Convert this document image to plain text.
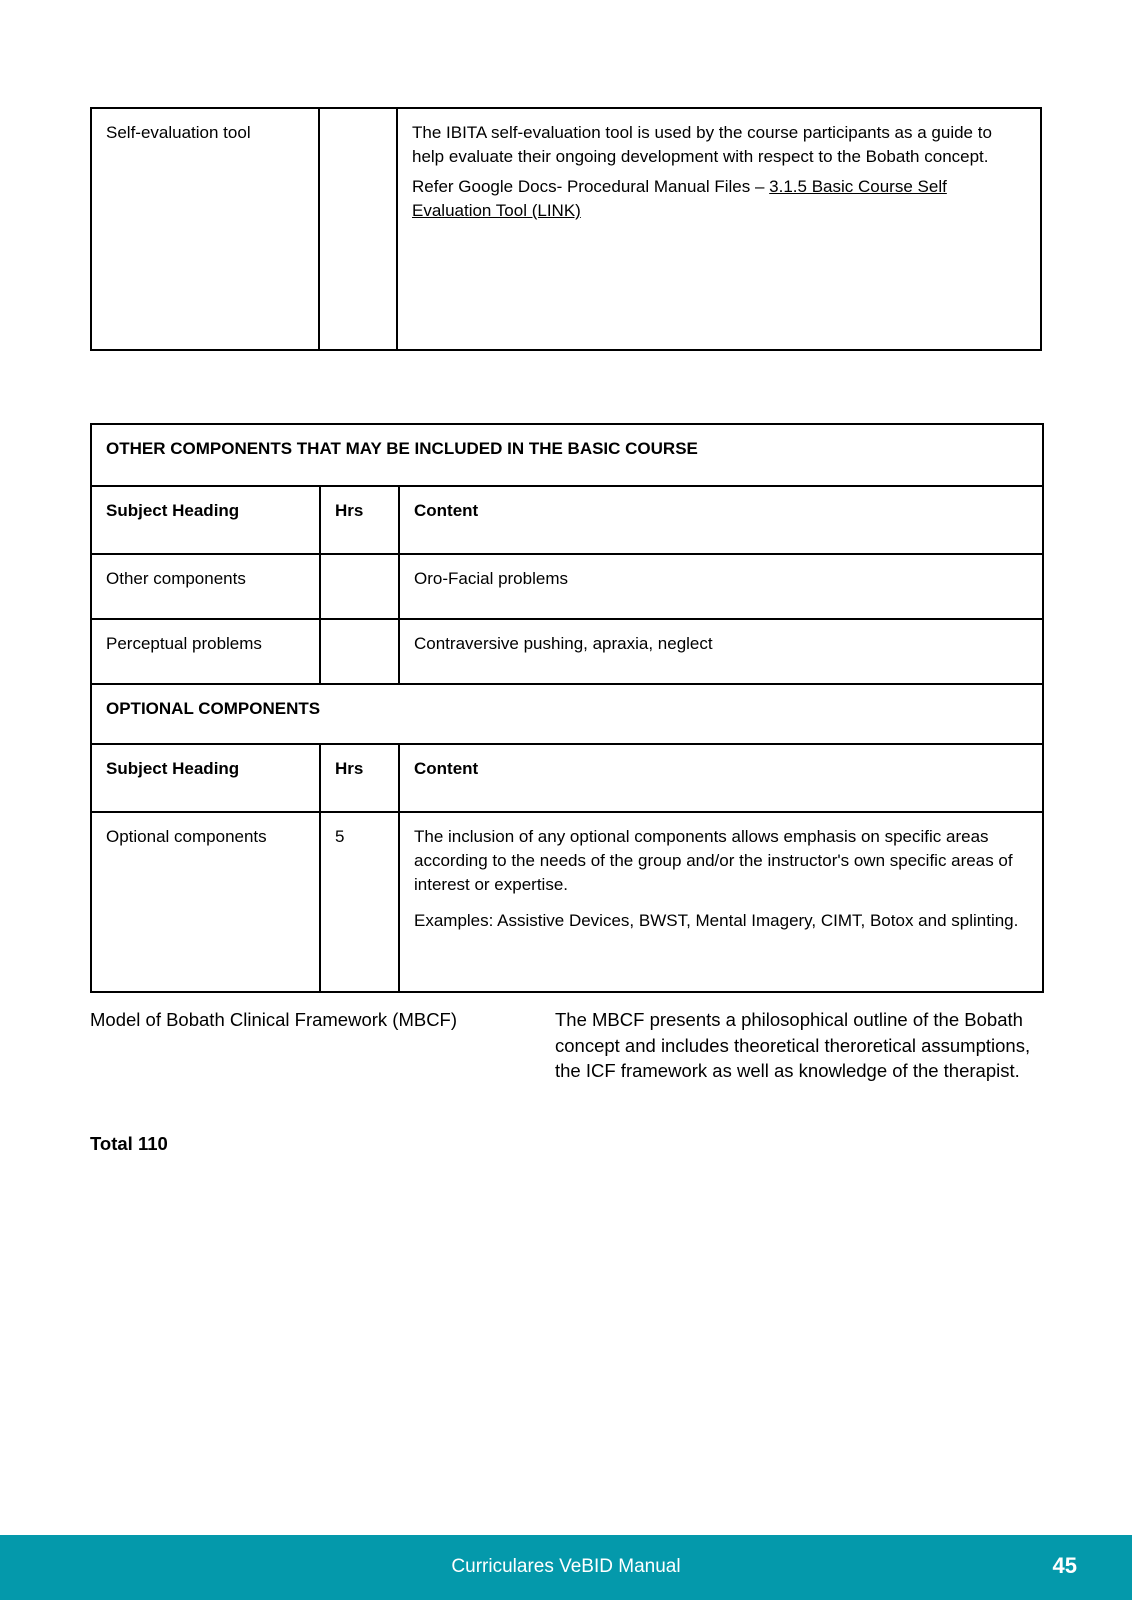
Self-evaluation tool		The IBITA self-evaluation tool is used by the course participants as a guide to help evaluate their ongoing development with respect to the Bobath concept.

Refer Google Docs- Procedural Manual Files – 3.1.5 Basic Course Self Evaluation Tool (LINK)

OTHER COMPONENTS THAT MAY BE INCLUDED IN THE BASIC COURSE		

Subject Heading	Hrs	Content

Other components		Oro-Facial problems

Perceptual problems		Contraversive pushing, apraxia, neglect

OPTIONAL COMPONENTS		

Subject Heading	Hrs	Content

Optional components	5	The inclusion of any optional components allows emphasis on specific areas according to the needs of the group and/or the instructor's own specific areas of interest or expertise.

Examples: Assistive Devices, BWST, Mental Imagery, CIMT, Botox and splinting.

Model of Bobath Clinical Framework (MBCF)	The MBCF presents a philosophical outline of the Bobath concept and includes theoretical theroretical assumptions, the ICF framework as well as knowledge of the therapist.
Total 110
Curriculares VeBID Manual	45
